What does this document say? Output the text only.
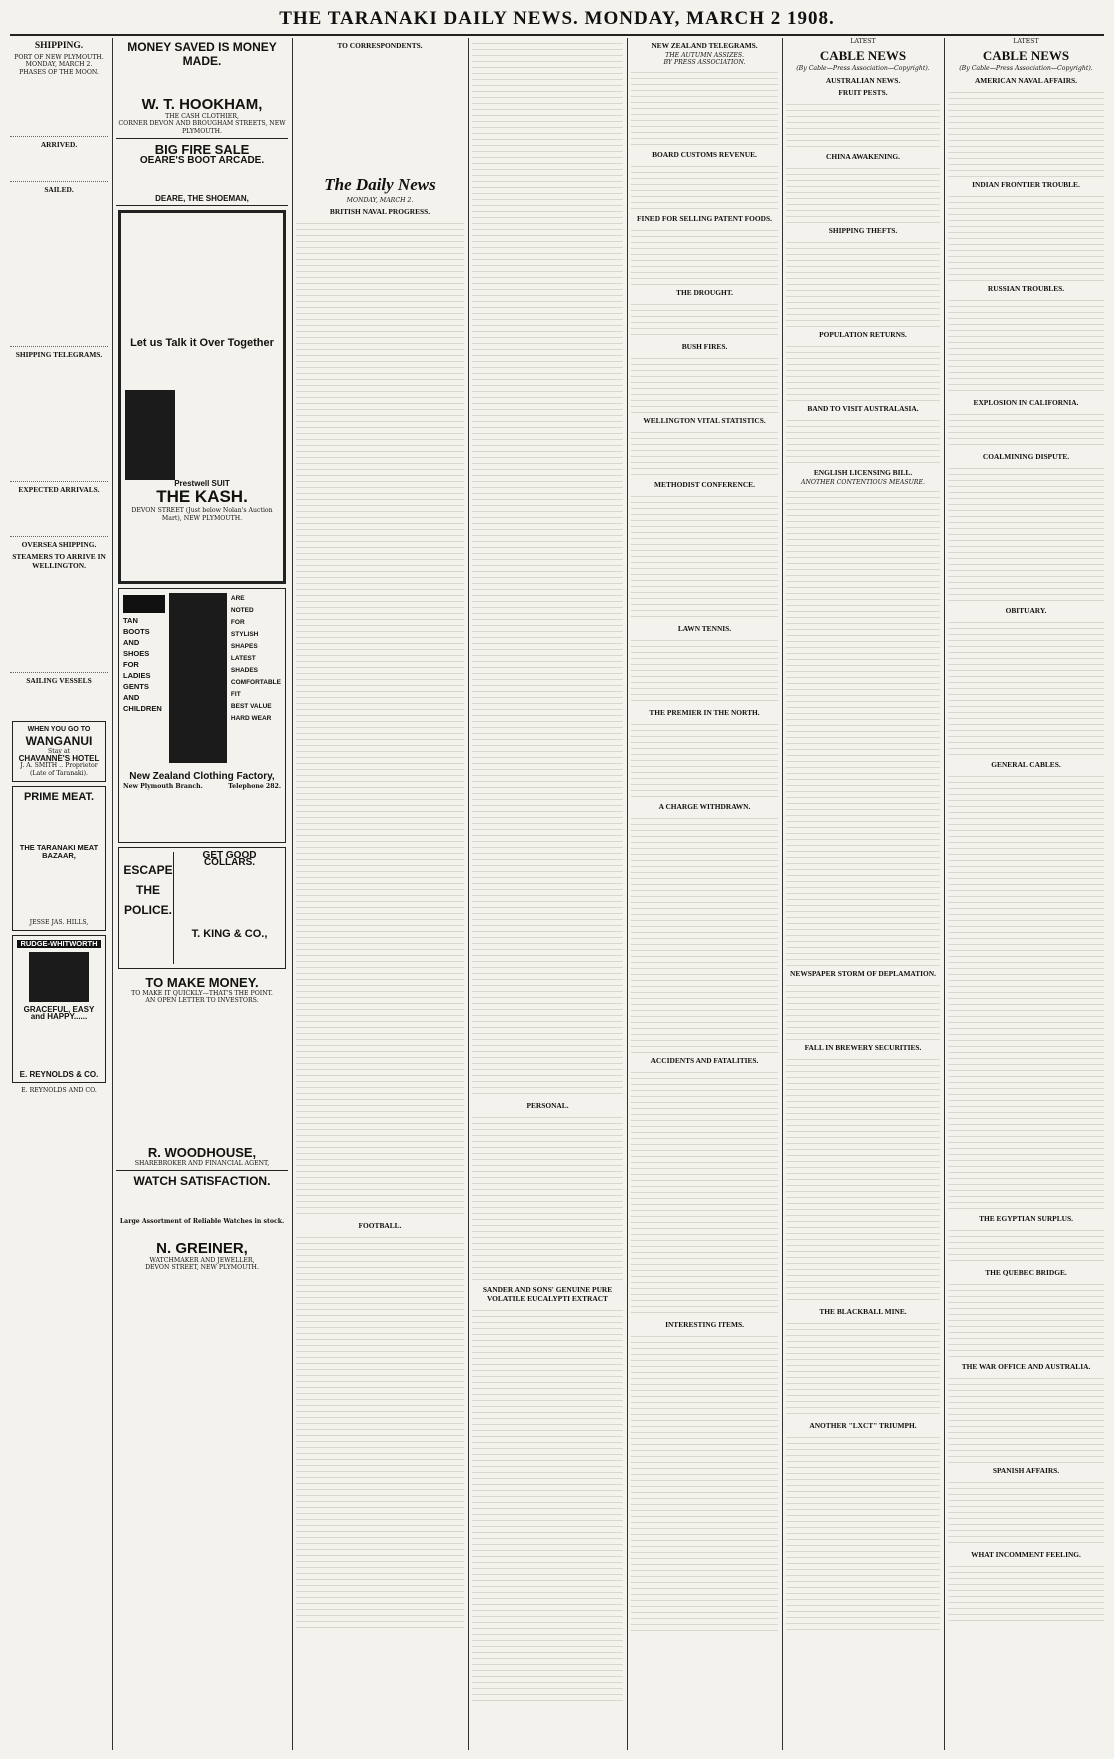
THE TARANAKI DAILY NEWS. MONDAY, MARCH 2 1908.
SHIPPING.
PORT OF NEW PLYMOUTH.
MONDAY, MARCH 2.
PHASES OF THE MOON.
ARRIVED.
SAILED.
SHIPPING TELEGRAMS.
EXPECTED ARRIVALS.
OVERSEA SHIPPING.
STEAMERS TO ARRIVE IN WELLINGTON.
SAILING VESSELS
WHEN YOU GO TO
WANGANUI
Stay at
CHAVANNE'S HOTEL
J. A. SMITH .. Proprietor
(Late of Taranaki).
PRIME MEAT.
THE TARANAKI MEAT BAZAAR,
JESSE JAS. HILLS,
RUDGE-WHITWORTH
GRACEFUL, EASY and HAPPY......
E. REYNOLDS & CO.
E. REYNOLDS AND CO.
MONEY SAVED IS MONEY MADE.
W. T. HOOKHAM,
THE CASH CLOTHIER,
CORNER DEVON AND BROUGHAM STREETS, NEW PLYMOUTH.
BIG FIRE SALE
OEARE'S BOOT ARCADE.
DEARE, THE SHOEMAN,
Let us Talk it Over Together
Prestwell SUIT
THE KASH.
DEVON STREET (Just below Nolan's Auction Mart), NEW PLYMOUTH.
TAN
BOOTS
AND
SHOES
FOR
LADIES
GENTS
AND
CHILDREN
ARE
NOTED
FOR
STYLISH SHAPES
LATEST SHADES
COMFORTABLE FIT
BEST VALUE
HARD WEAR
New Zealand Clothing Factory,
New Plymouth Branch.	Telephone 282.
ESCAPE THE POLICE.
GET GOOD COLLARS.
T. KING & CO.,
TO MAKE MONEY.
TO MAKE IT QUICKLY—THAT'S THE POINT.
AN OPEN LETTER TO INVESTORS.
R. WOODHOUSE,
SHAREBROKER AND FINANCIAL AGENT,
WATCH SATISFACTION.
Large Assortment of Reliable Watches in stock.
N. GREINER,
WATCHMAKER AND JEWELLER,
DEVON STREET, NEW PLYMOUTH.
TO CORRESPONDENTS.
The Daily News
MONDAY, MARCH 2.
BRITISH NAVAL PROGRESS.
FOOTBALL.
PERSONAL.
SANDER AND SONS' GENUINE PURE VOLATILE EUCALYPTI EXTRACT
NEW ZEALAND TELEGRAMS.
THE AUTUMN ASSIZES.
BY PRESS ASSOCIATION.
BOARD CUSTOMS REVENUE.
FINED FOR SELLING PATENT FOODS.
THE DROUGHT.
BUSH FIRES.
WELLINGTON VITAL STATISTICS.
METHODIST CONFERENCE.
LAWN TENNIS.
THE PREMIER IN THE NORTH.
A CHARGE WITHDRAWN.
ACCIDENTS AND FATALITIES.
INTERESTING ITEMS.
LATEST
CABLE NEWS
(By Cable—Press Association—Copyright).
AUSTRALIAN NEWS.
FRUIT PESTS.
CHINA AWAKENING.
SHIPPING THEFTS.
POPULATION RETURNS.
BAND TO VISIT AUSTRALASIA.
ENGLISH LICENSING BILL.
ANOTHER CONTENTIOUS MEASURE.
NEWSPAPER STORM OF DEPLAMATION.
FALL IN BREWERY SECURITIES.
THE BLACKBALL MINE.
ANOTHER "LXCT" TRIUMPH.
LATEST
CABLE NEWS
(By Cable—Press Association—Copyright).
AMERICAN NAVAL AFFAIRS.
INDIAN FRONTIER TROUBLE.
RUSSIAN TROUBLES.
EXPLOSION IN CALIFORNIA.
COALMINING DISPUTE.
OBITUARY.
GENERAL CABLES.
THE EGYPTIAN SURPLUS.
THE QUEBEC BRIDGE.
THE WAR OFFICE AND AUSTRALIA.
SPANISH AFFAIRS.
WHAT INCOMMENT FEELING.
